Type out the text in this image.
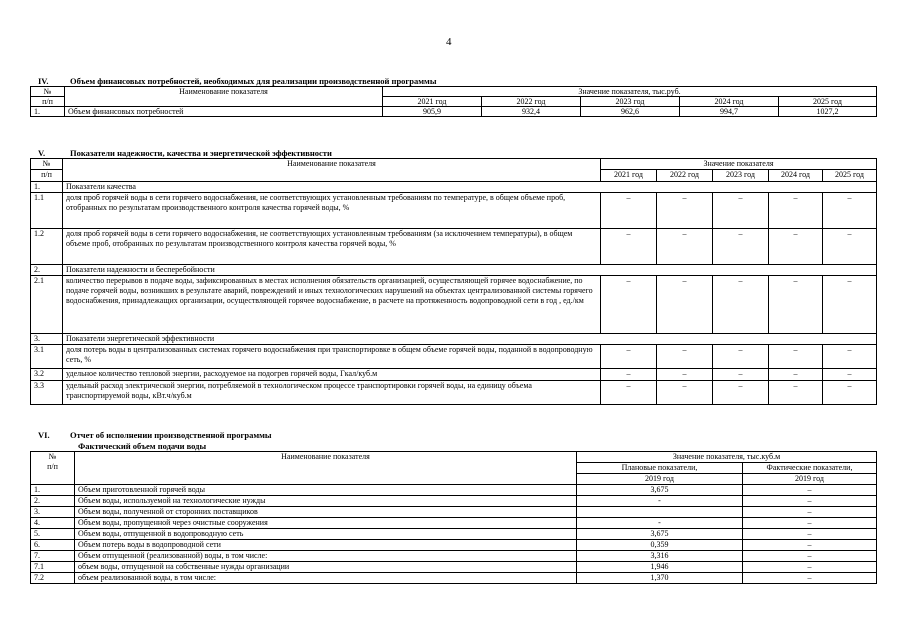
4
IV.	Объем финансовых потребностей, необходимых для реализации производственной программы
№	Наименование показателя	Значение показателя, тыс.руб.				
п/п		2021 год	2022 год	2023 год	2024 год	2025 год
1.	Объем финансовых потребностей	905,9	932,4	962,6	994,7	1027,2
V.	Показатели надежности, качества и энергетической эффективности
№	Наименование показателя	Значение показателя				
п/п		2021 год	2022 год	2023 год	2024 год	2025 год
1.	Показатели качества					
1.1	доля проб горячей воды в сети горячего водоснабжения, не соответствующих установленным требованиям по температуре, в общем объеме проб, отобранных по результатам производственного контроля качества горячей воды, %	–	–	–	–	–
1.2	доля проб горячей воды в сети горячего водоснабжения, не соответствующих установленным требованиям (за исключением температуры), в общем объеме проб, отобранных по результатам производственного контроля качества горячей воды, %	–	–	–	–	–
2.	Показатели надежности и бесперебойности					
2.1	количество перерывов в подаче воды, зафиксированных в местах исполнения обязательств организацией, осуществляющей горячее водоснабжение, по подаче горячей воды, возникших в результате аварий, повреждений и иных технологических нарушений на объектах централизованной системы горячего водоснабжения, принадлежащих организации, осуществляющей горячее водоснабжение, в расчете на протяженность водопроводной сети в год , ед./км	–	–	–	–	–
3.	Показатели энергетической эффективности					
3.1	доля потерь воды в централизованных системах горячего водоснабжения при транспортировке в общем объеме горячей воды, поданной в водопроводную сеть, %	–	–	–	–	–
3.2	удельное количество тепловой энергии, расходуемое на подогрев горячей воды, Гкал/куб.м	–	–	–	–	–
3.3	удельный расход электрической энергии, потребляемой в технологическом процессе транспортировки горячей воды, на единицу объема транспортируемой воды, кВт.ч/куб.м	–	–	–	–	–
VI. Отчет об исполнении производственной программы
Фактический объем подачи воды
№
п/п	Наименование показателя	Значение показателя, тыс.куб.м	
		Плановые показатели,	Фактические показатели,
		2019 год	2019 год
1.	Объем приготовленной горячей воды	3,675	–
2.	Объем воды, используемой на технологические нужды	-	–
3.	Объем воды, полученной от сторонних поставщиков		–
4.	Объем воды, пропущенной через очистные сооружения	-	–
5.	Объем воды, отпущенной в водопроводную сеть	3,675	–
6.	Объем потерь воды в водопроводной сети	0,359	–
7.	Объем отпущенной (реализованной) воды, в том числе:	3,316	–
7.1	объем воды, отпущенной на собственные нужды организации	1,946	–
7.2	объем реализованной воды, в том числе:	1,370	–
